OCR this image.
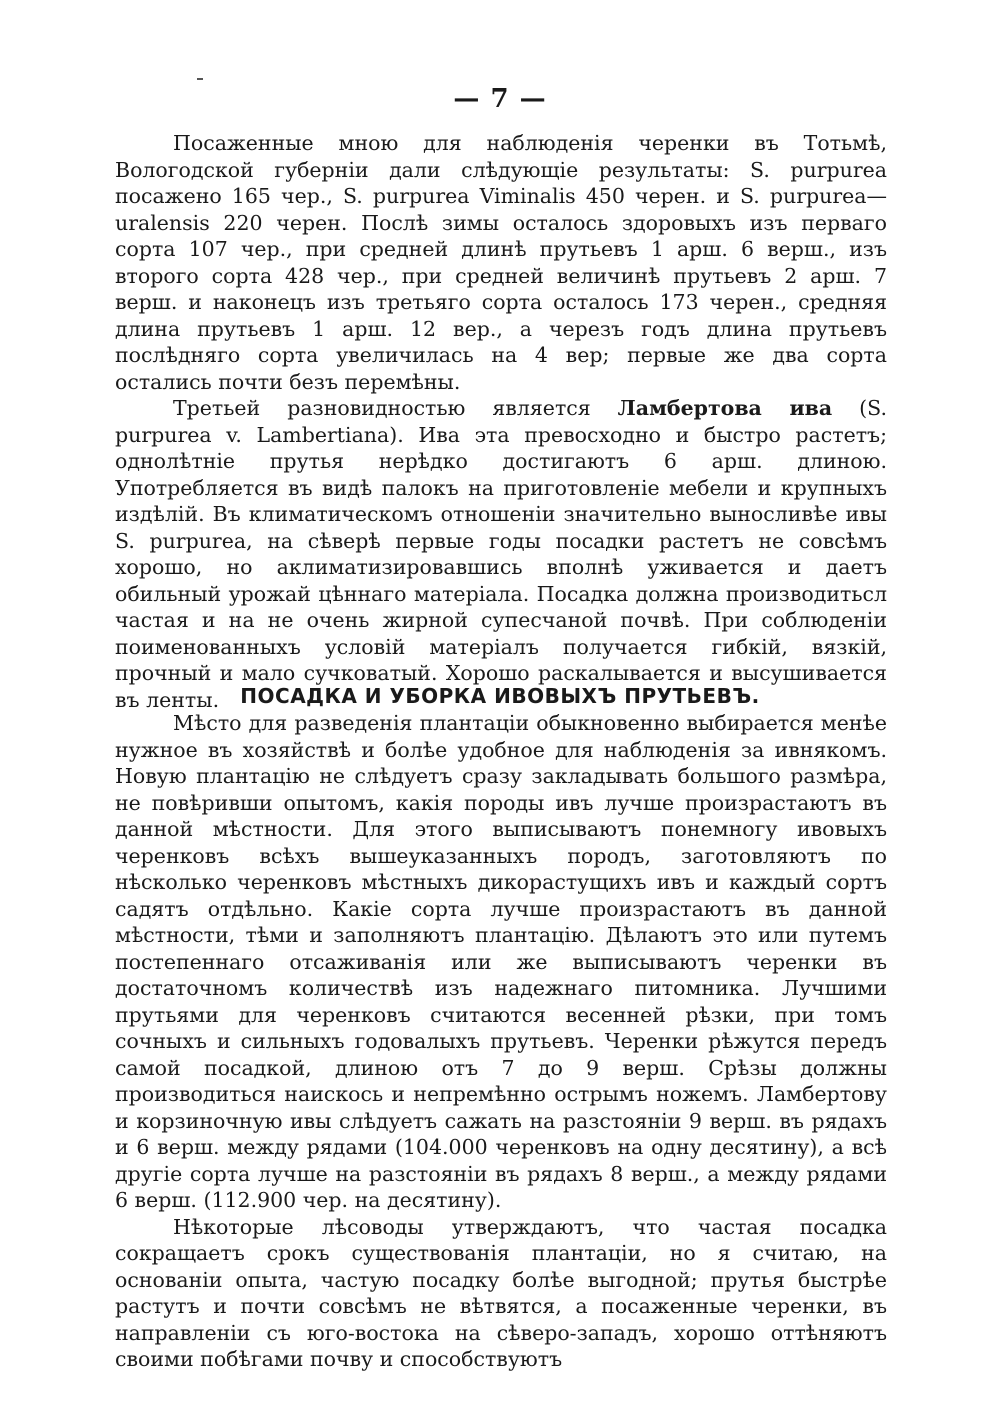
— 7 —

Посаженные мною для наблюденія черенки въ Тотьмѣ, Вологодской губерніи дали слѣдующіе результаты: S. purpurea посажено 165 чер., S. purpurea Viminalis 450 черен. и S. purpurea—uralensis 220 черен. Послѣ зимы осталось здоровыхъ изъ перваго сорта 107 чер., при средней длинѣ прутьевъ 1 арш. 6 верш., изъ второго сорта 428 чер., при средней величинѣ прутьевъ 2 арш. 7 верш. и наконецъ изъ третьяго сорта осталось 173 черен., средняя длина прутьевъ 1 арш. 12 вер., а черезъ годъ длина прутьевъ послѣдняго сорта увеличилась на 4 вер; первые же два сорта остались почти безъ перемѣны.

Третьей разновидностью является Ламбертова ива (S. purpurea v. Lambertiana). Ива эта превосходно и быстро растетъ; однолѣтніе прутья нерѣдко достигаютъ 6 арш. длиною. Употребляется въ видѣ палокъ на приготовленіе мебели и крупныхъ издѣлій. Въ климатическомъ отношеніи значительно выносливѣе ивы S. purpurea, на сѣверѣ первые годы посадки растетъ не совсѣмъ хорошо, но аклиматизировавшись вполнѣ уживается и даетъ обильный урожай цѣннаго матеріала. Посадка должна производитьсл частая и на не очень жирной супесчаной почвѣ. При соблюденіи поименованныхъ условій матеріалъ получается гибкій, вязкій, прочный и мало сучковатый. Хорошо раскалывается и высушивается въ ленты.	ПОСАДКА И УБОРКА ИВОВЫХЪ ПРУТЬЕВЪ.

Мѣсто для разведенія плантаціи обыкновенно выбирается менѣе нужное въ хозяйствѣ и болѣе удобное для наблюденія за ивнякомъ. Новую плантацію не слѣдуетъ сразу закладывать большого размѣра, не повѣривши опытомъ, какія породы ивъ лучше произрастаютъ въ данной мѣстности. Для этого выписываютъ понемногу ивовыхъ черенковъ всѣхъ вышеуказанныхъ породъ, заготовляютъ по нѣсколько черенковъ мѣстныхъ дикорастущихъ ивъ и каждый сортъ садятъ отдѣльно. Какіе сорта лучше произрастаютъ въ данной мѣстности, тѣми и заполняютъ плантацію. Дѣлаютъ это или путемъ постепеннаго отсаживанія или же выписываютъ черенки въ достаточномъ количествѣ изъ надежнаго питомника. Лучшими прутьями для черенковъ считаются весенней рѣзки, при томъ сочныхъ и сильныхъ годовалыхъ прутьевъ. Черенки рѣжутся передъ самой посадкой, длиною отъ 7 до 9 верш. Срѣзы должны производиться наискось и непремѣнно острымъ ножемъ. Ламбертову и корзиночную ивы слѣдуетъ сажать на разстояніи 9 верш. въ рядахъ и 6 верш. между рядами (104.000 черенковъ на одну десятину), а всѣ другіе сорта лучше на разстояніи въ рядахъ 8 верш., а между рядами 6 верш. (112.900 чер. на десятину).

Нѣкоторые лѣсоводы утверждаютъ, что частая посадка сокращаетъ срокъ существованія плантаціи, но я считаю, на основаніи опыта, частую посадку болѣе выгодной; прутья быстрѣе растутъ и почти совсѣмъ не вѣтвятся, а посаженные черенки, въ направленіи съ юго-востока на сѣверо-западъ, хорошо оттѣняютъ своими побѣгами почву и способствуютъ
